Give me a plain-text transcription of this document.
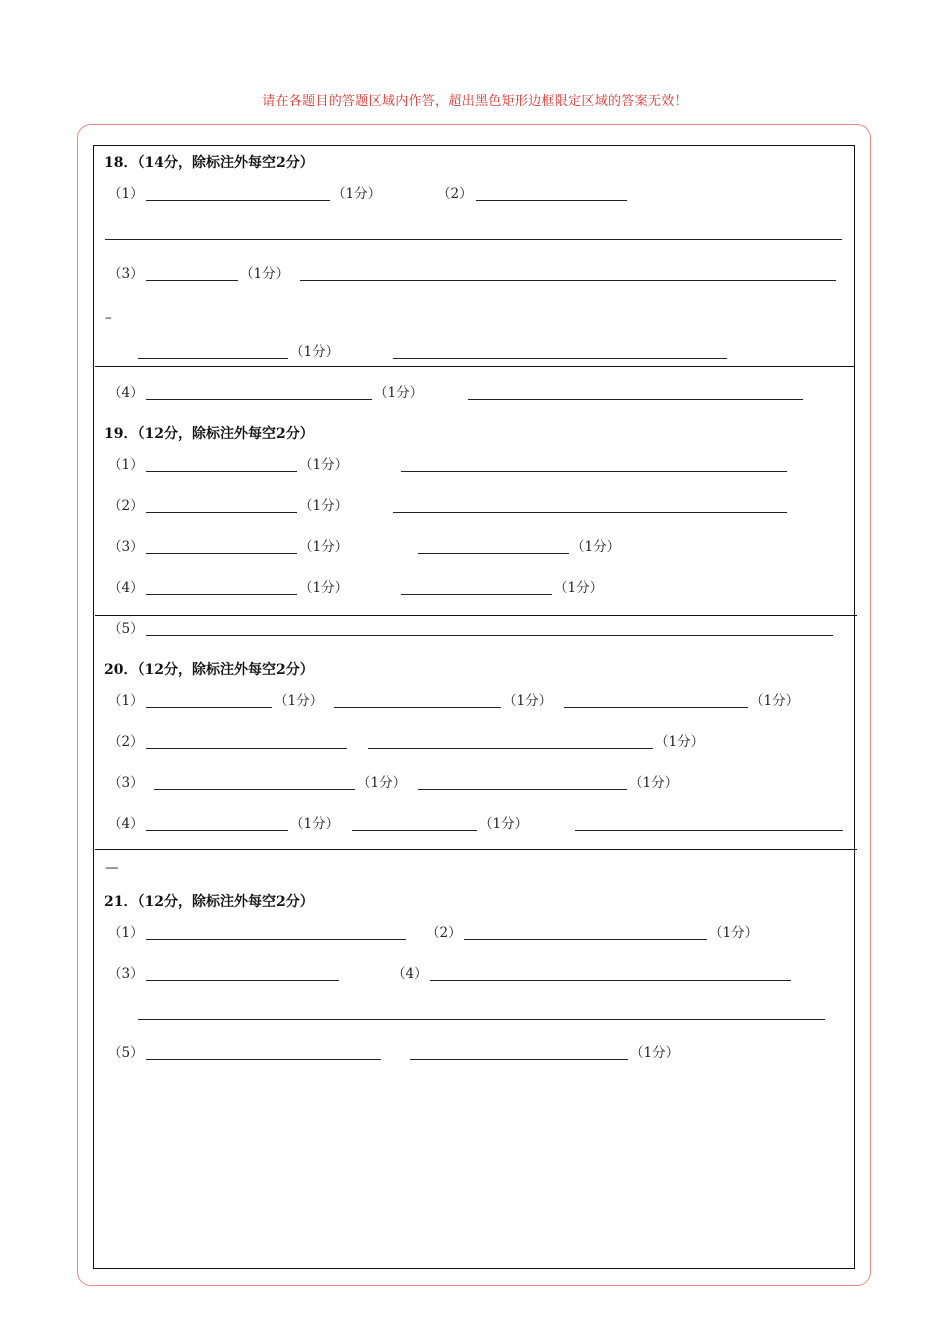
请在各题目的答题区域内作答，超出黑色矩形边框限定区域的答案无效！
18．（14分，除标注外每空2分）
（1）	（1分）	（2）
（3）	（1分）
–
（1分）
（4）	（1分）
19．（12分，除标注外每空2分）
（1）	（1分）
（2）	（1分）
（3）	（1分）	（1分）
（4）	（1分）	（1分）
（5）
20．（12分，除标注外每空2分）
（1）	（1分）	（1分）	（1分）
（2）	（1分）
（3）	（1分）	（1分）
（4）	（1分）	（1分）
—
21．（12分，除标注外每空2分）
（1）	（2）	（1分）
（3）	（4）
（5）	（1分）
